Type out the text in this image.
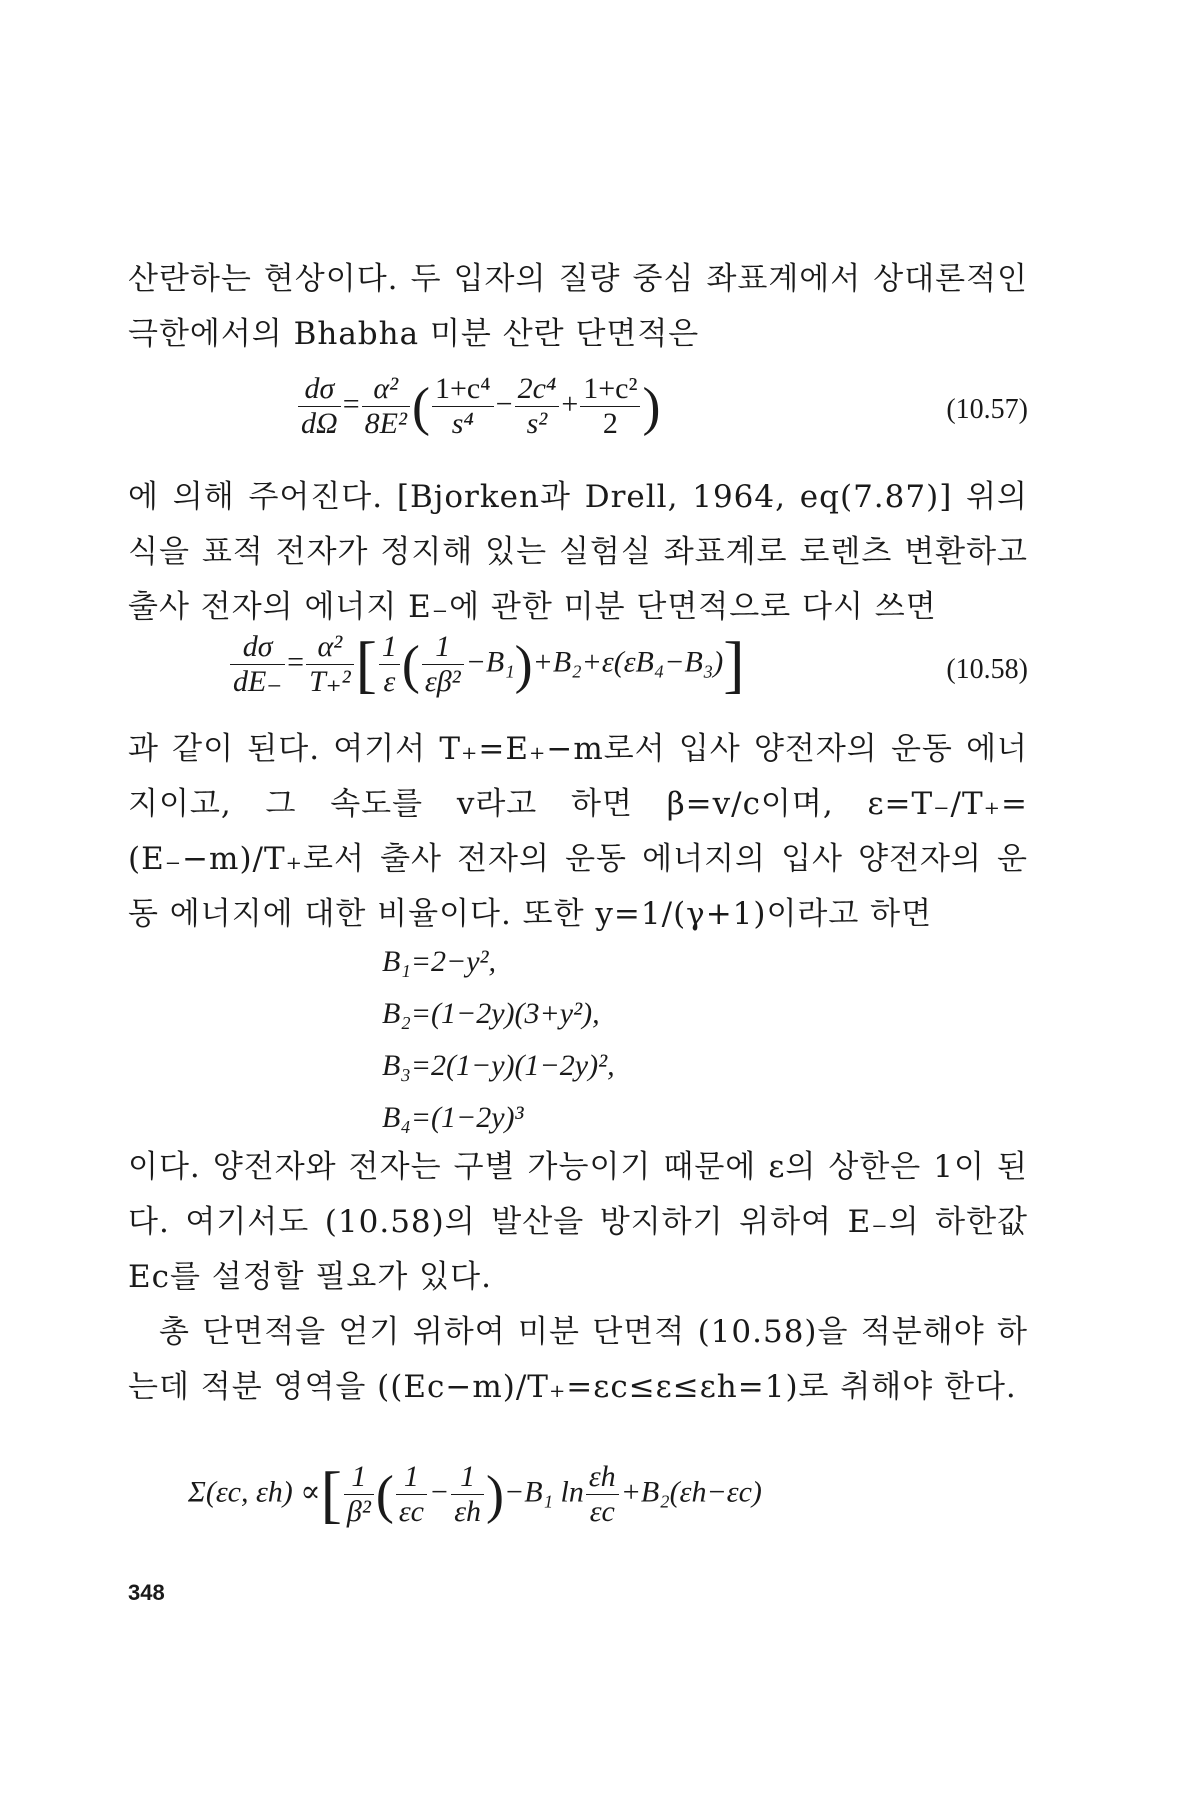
산란하는 현상이다. 두 입자의 질량 중심 좌표계에서 상대론적인 극한에서의 Bhabha 미분 산란 단면적은

$\frac{d\sigma}{d\Omega} = \frac{\text{α²}}{\text{8E²}}$ ( $\frac{\text{1+c⁴}}{\text{s⁴}} - \frac{\text{2c⁴}}{\text{s²}} + \frac{\text{1+c²}}{2}$ )	(10.57)

에 의해 주어진다. [Bjorken과 Drell, 1964, eq(7.87)] 위의 식을 표적 전자가 정지해 있는 실험실 좌표계로 로렌츠 변환하고 출사 전자의 에너지 E₋에 관한 미분 단면적으로 다시 쓰면

$\frac{d\sigma}{dE_-} = \frac{\text{α²}}{\text{T₊²}}$ [ $\frac{1}{\varepsilon}$ ( $\frac{1}{\text{εβ²}} -B_1)+B_2+\varepsilon(\varepsilon B_4-B_3)$]	(10.58)

과 같이 된다. 여기서 T₊=E₊−m로서 입사 양전자의 운동 에너지이고, 그 속도를 v라고 하면 β=v/c이며, ε=T₋/T₊=(E₋−m)/T₊로서 출사 전자의 운동 에너지의 입사 양전자의 운동 에너지에 대한 비율이다. 또한 y=1/(γ+1)이라고 하면

B₁=2−y²,
B₂=(1−2y)(3+y²),
B₃=2(1−y)(1−2y)²,
B₄=(1−2y)³

이다. 양전자와 전자는 구별 가능이기 때문에 ε의 상한은 1이 된다. 여기서도 (10.58)의 발산을 방지하기 위하여 E₋의 하한값 Ec를 설정할 필요가 있다.

총 단면적을 얻기 위하여 미분 단면적 (10.58)을 적분해야 하는데 적분 영역을 ((Ec−m)/T₊=εc≤ε≤εh=1)로 취해야 한다.

Σ(εc, εh) ∝[ $\frac{1}{\text{β²}}$ ( $\frac{1}{\varepsilon c} - \frac{1}{\varepsilon h} )-B_1$ $\ln \frac{\varepsilon h}{\varepsilon c} +B_2(\varepsilon h-\varepsilon c)$
348
